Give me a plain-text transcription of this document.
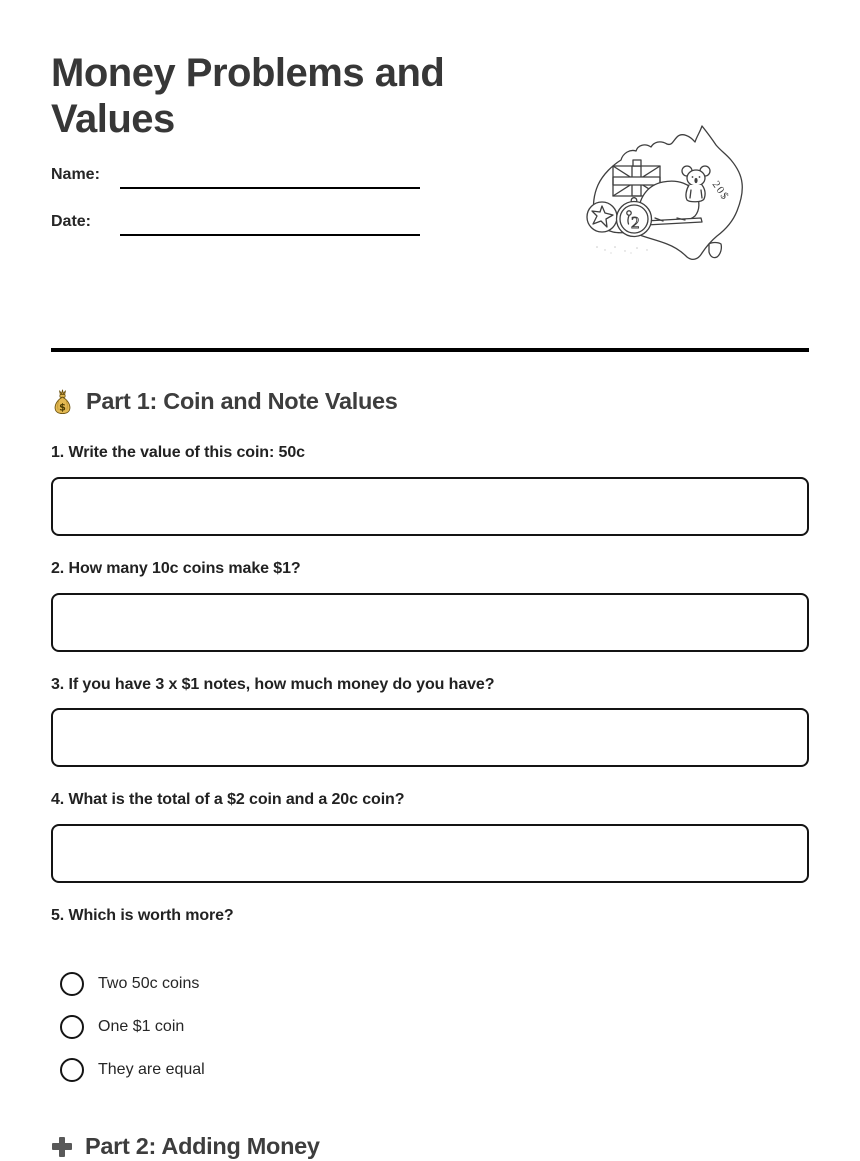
Money Problems and Values
Name:
Date:
20$
2
$ Part 1: Coin and Note Values
1. Write the value of this coin: 50c
2. How many 10c coins make $1?
3. If you have 3 x $1 notes, how much money do you have?
4. What is the total of a $2 coin and a 20c coin?
5. Which is worth more?
Two 50c coins
One $1 coin
They are equal
Part 2: Adding Money
